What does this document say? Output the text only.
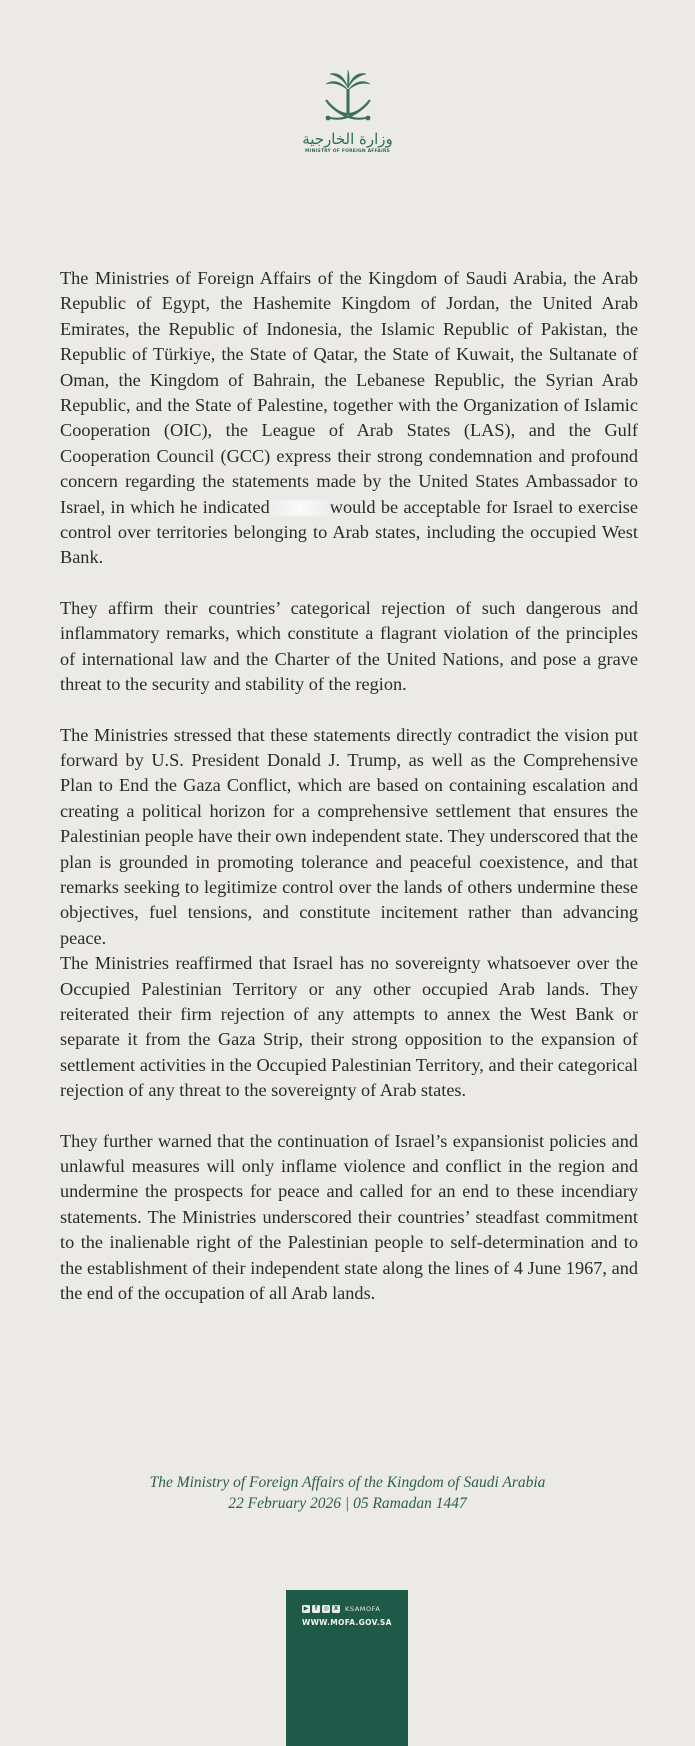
وزارة الخارجية
MINISTRY OF FOREIGN AFFAIRS

The Ministries of Foreign Affairs of the Kingdom of Saudi Arabia, the Arab Republic of Egypt, the Hashemite Kingdom of Jordan, the United Arab Emirates, the Republic of Indonesia, the Islamic Republic of Pakistan, the Republic of Türkiye, the State of Qatar, the State of Kuwait, the Sultanate of Oman, the Kingdom of Bahrain, the Lebanese Republic, the Syrian Arab Republic, and the State of Palestine, together with the Organization of Islamic Cooperation (OIC), the League of Arab States (LAS), and the Gulf Cooperation Council (GCC) express their strong condemnation and profound concern regarding the statements made by the United States Ambassador to Israel, in which he indicated	would be acceptable for Israel to exercise control over territories belonging to Arab states, including the occupied West Bank.

They affirm their countries’ categorical rejection of such dangerous and inflammatory remarks, which constitute a flagrant violation of the principles of international law and the Charter of the United Nations, and pose a grave threat to the security and stability of the region.

The Ministries stressed that these statements directly contradict the vision put forward by U.S. President Donald J. Trump, as well as the Comprehensive Plan to End the Gaza Conflict, which are based on containing escalation and creating a political horizon for a comprehensive settlement that ensures the Palestinian people have their own independent state. They underscored that the plan is grounded in promoting tolerance and peaceful coexistence, and that remarks seeking to legitimize control over the lands of others undermine these objectives, fuel tensions, and constitute incitement rather than advancing peace.

The Ministries reaffirmed that Israel has no sovereignty whatsoever over the Occupied Palestinian Territory or any other occupied Arab lands. They reiterated their firm rejection of any attempts to annex the West Bank or separate it from the Gaza Strip, their strong opposition to the expansion of settlement activities in the Occupied Palestinian Territory, and their categorical rejection of any threat to the sovereignty of Arab states.

They further warned that the continuation of Israel’s expansionist policies and unlawful measures will only inflame violence and conflict in the region and undermine the prospects for peace and called for an end to these incendiary statements. The Ministries underscored their countries’ steadfast commitment to the inalienable right of the Palestinian people to self-determination and to the establishment of their independent state along the lines of 4 June 1967, and the end of the occupation of all Arab lands.

The Ministry of Foreign Affairs of the Kingdom of Saudi Arabia
22 February 2026 | 05 Ramadan 1447
▶	f	◎ X KSAMOFA
WWW.MOFA.GOV.SA
